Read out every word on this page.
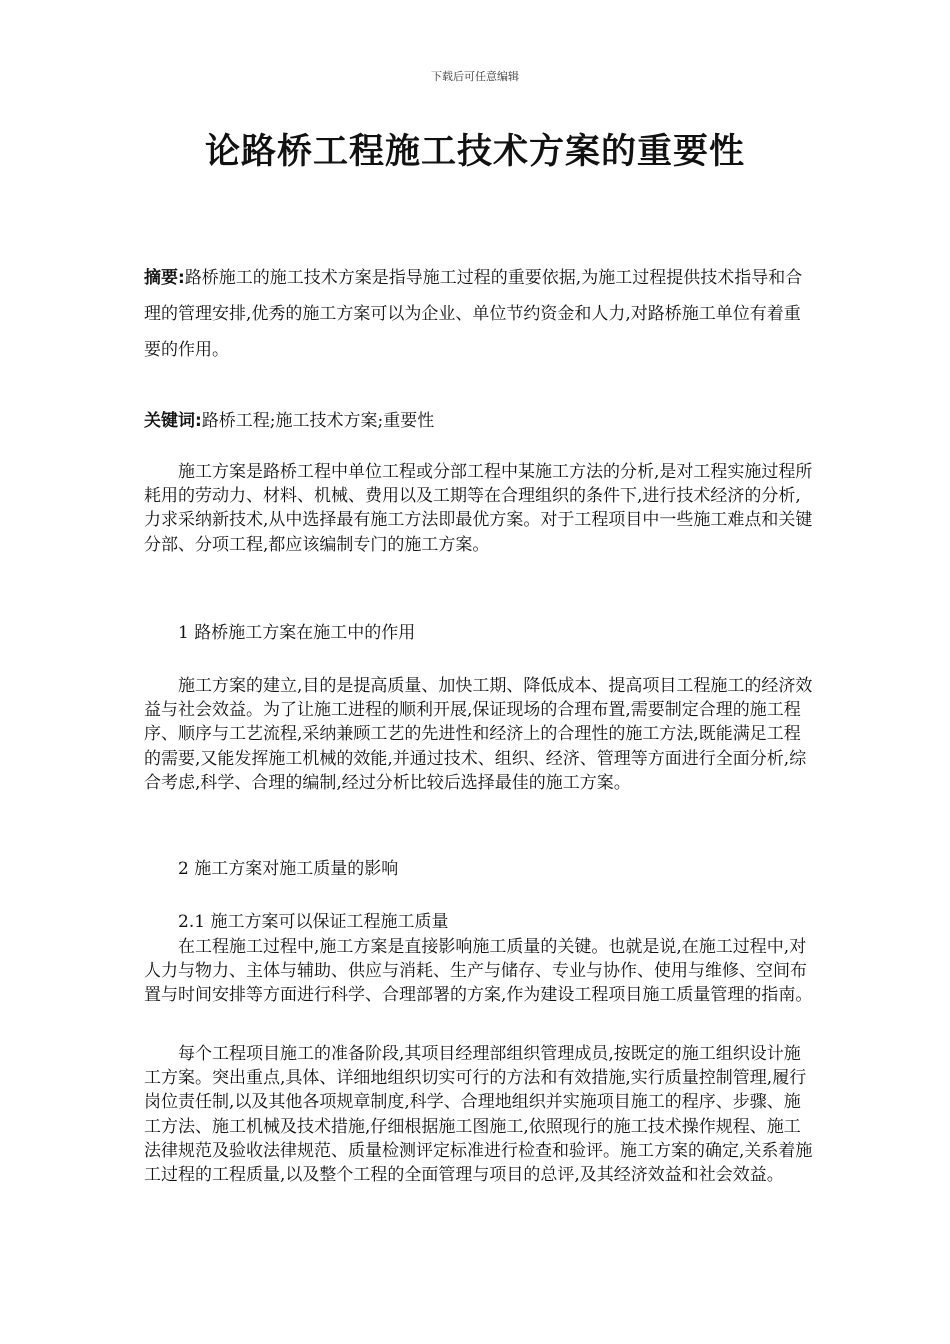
下载后可任意编辑
论路桥工程施工技术方案的重要性

摘要:路桥施工的施工技术方案是指导施工过程的重要依据,为施工过程提供技术指导和合理的管理安排,优秀的施工方案可以为企业、单位节约资金和人力,对路桥施工单位有着重要的作用。

关键词:路桥工程;施工技术方案;重要性

施工方案是路桥工程中单位工程或分部工程中某施工方法的分析,是对工程实施过程所耗用的劳动力、材料、机械、费用以及工期等在合理组织的条件下,进行技术经济的分析,力求采纳新技术,从中选择最有施工方法即最优方案。对于工程项目中一些施工难点和关键分部、分项工程,都应该编制专门的施工方案。

1 路桥施工方案在施工中的作用

施工方案的建立,目的是提高质量、加快工期、降低成本、提高项目工程施工的经济效益与社会效益。为了让施工进程的顺利开展,保证现场的合理布置,需要制定合理的施工程序、顺序与工艺流程,采纳兼顾工艺的先进性和经济上的合理性的施工方法,既能满足工程的需要,又能发挥施工机械的效能,并通过技术、组织、经济、管理等方面进行全面分析,综合考虑,科学、合理的编制,经过分析比较后选择最佳的施工方案。

2 施工方案对施工质量的影响

2.1 施工方案可以保证工程施工质量

在工程施工过程中,施工方案是直接影响施工质量的关键。也就是说,在施工过程中,对人力与物力、主体与辅助、供应与消耗、生产与储存、专业与协作、使用与维修、空间布置与时间安排等方面进行科学、合理部署的方案,作为建设工程项目施工质量管理的指南。

每个工程项目施工的准备阶段,其项目经理部组织管理成员,按既定的施工组织设计施工方案。突出重点,具体、详细地组织切实可行的方法和有效措施,实行质量控制管理,履行岗位责任制,以及其他各项规章制度,科学、合理地组织并实施项目施工的程序、步骤、施工方法、施工机械及技术措施,仔细根据施工图施工,依照现行的施工技术操作规程、施工法律规范及验收法律规范、质量检测评定标准进行检查和验评。施工方案的确定,关系着施工过程的工程质量,以及整个工程的全面管理与项目的总评,及其经济效益和社会效益。
